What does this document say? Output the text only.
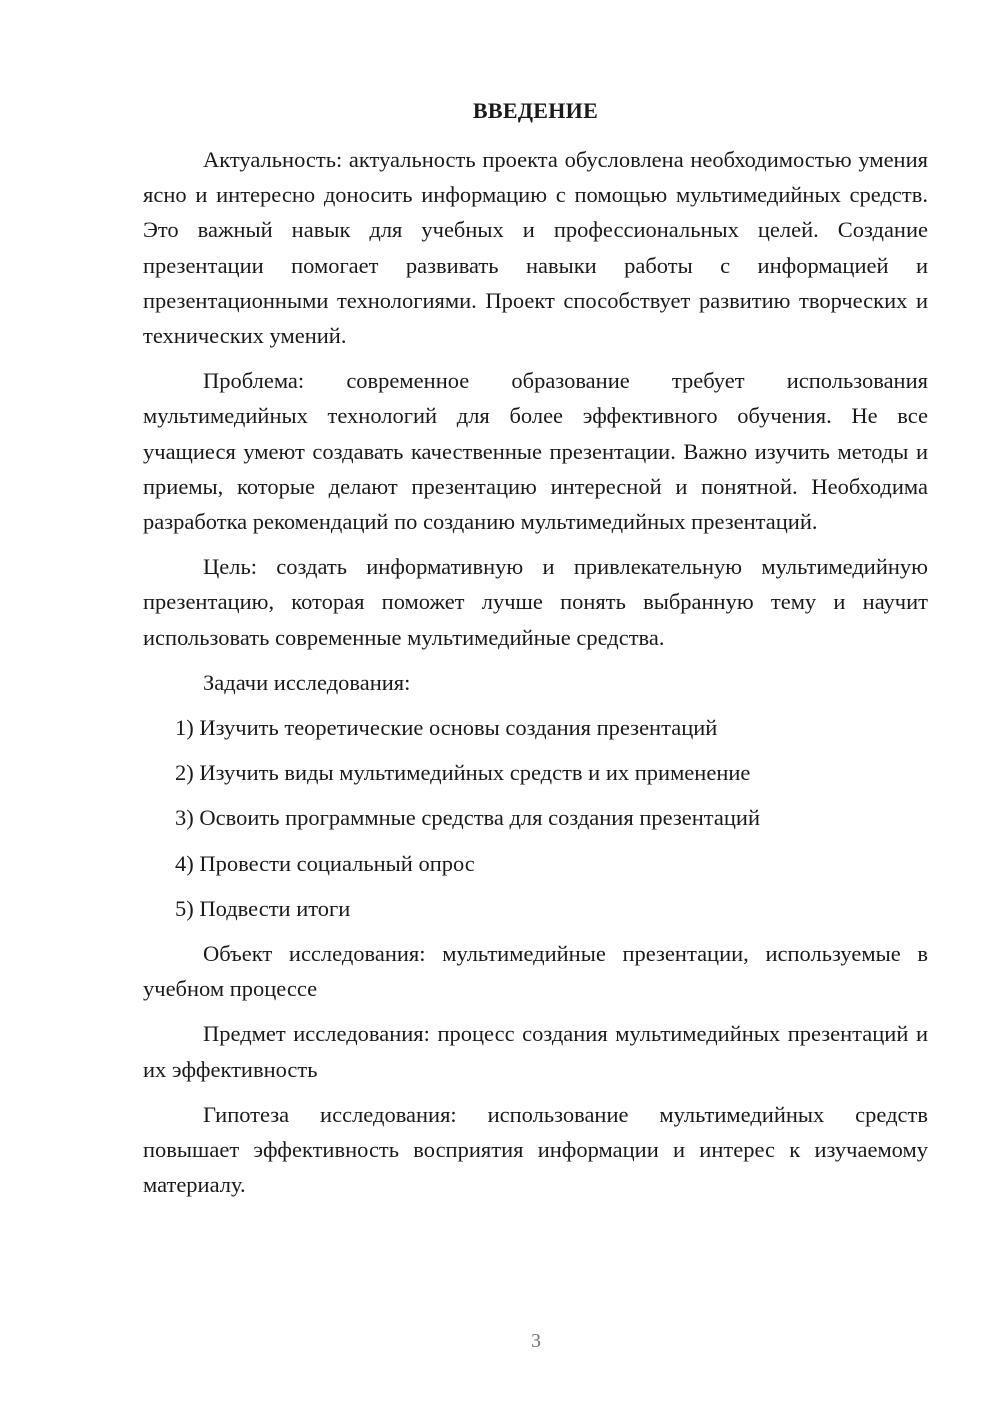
ВВЕДЕНИЕ

Актуальность: актуальность проекта обусловлена необходимостью умения ясно и интересно доносить информацию с помощью мультимедийных средств. Это важный навык для учебных и профессиональных целей. Создание презентации помогает развивать навыки работы с информацией и презентационными технологиями. Проект способствует развитию творческих и технических умений.

Проблема: современное образование требует использования мультимедийных технологий для более эффективного обучения. Не все учащиеся умеют создавать качественные презентации. Важно изучить методы и приемы, которые делают презентацию интересной и понятной. Необходима разработка рекомендаций по созданию мультимедийных презентаций.

Цель: создать информативную и привлекательную мультимедийную презентацию, которая поможет лучше понять выбранную тему и научит использовать современные мультимедийные средства.

Задачи исследования:

1) Изучить теоретические основы создания презентаций
2) Изучить виды мультимедийных средств и их применение
3) Освоить программные средства для создания презентаций
4) Провести социальный опрос
5) Подвести итоги

Объект исследования: мультимедийные презентации, используемые в учебном процессе

Предмет исследования: процесс создания мультимедийных презентаций и их эффективность

Гипотеза исследования: использование мультимедийных средств повышает эффективность восприятия информации и интерес к изучаемому материалу.

3
